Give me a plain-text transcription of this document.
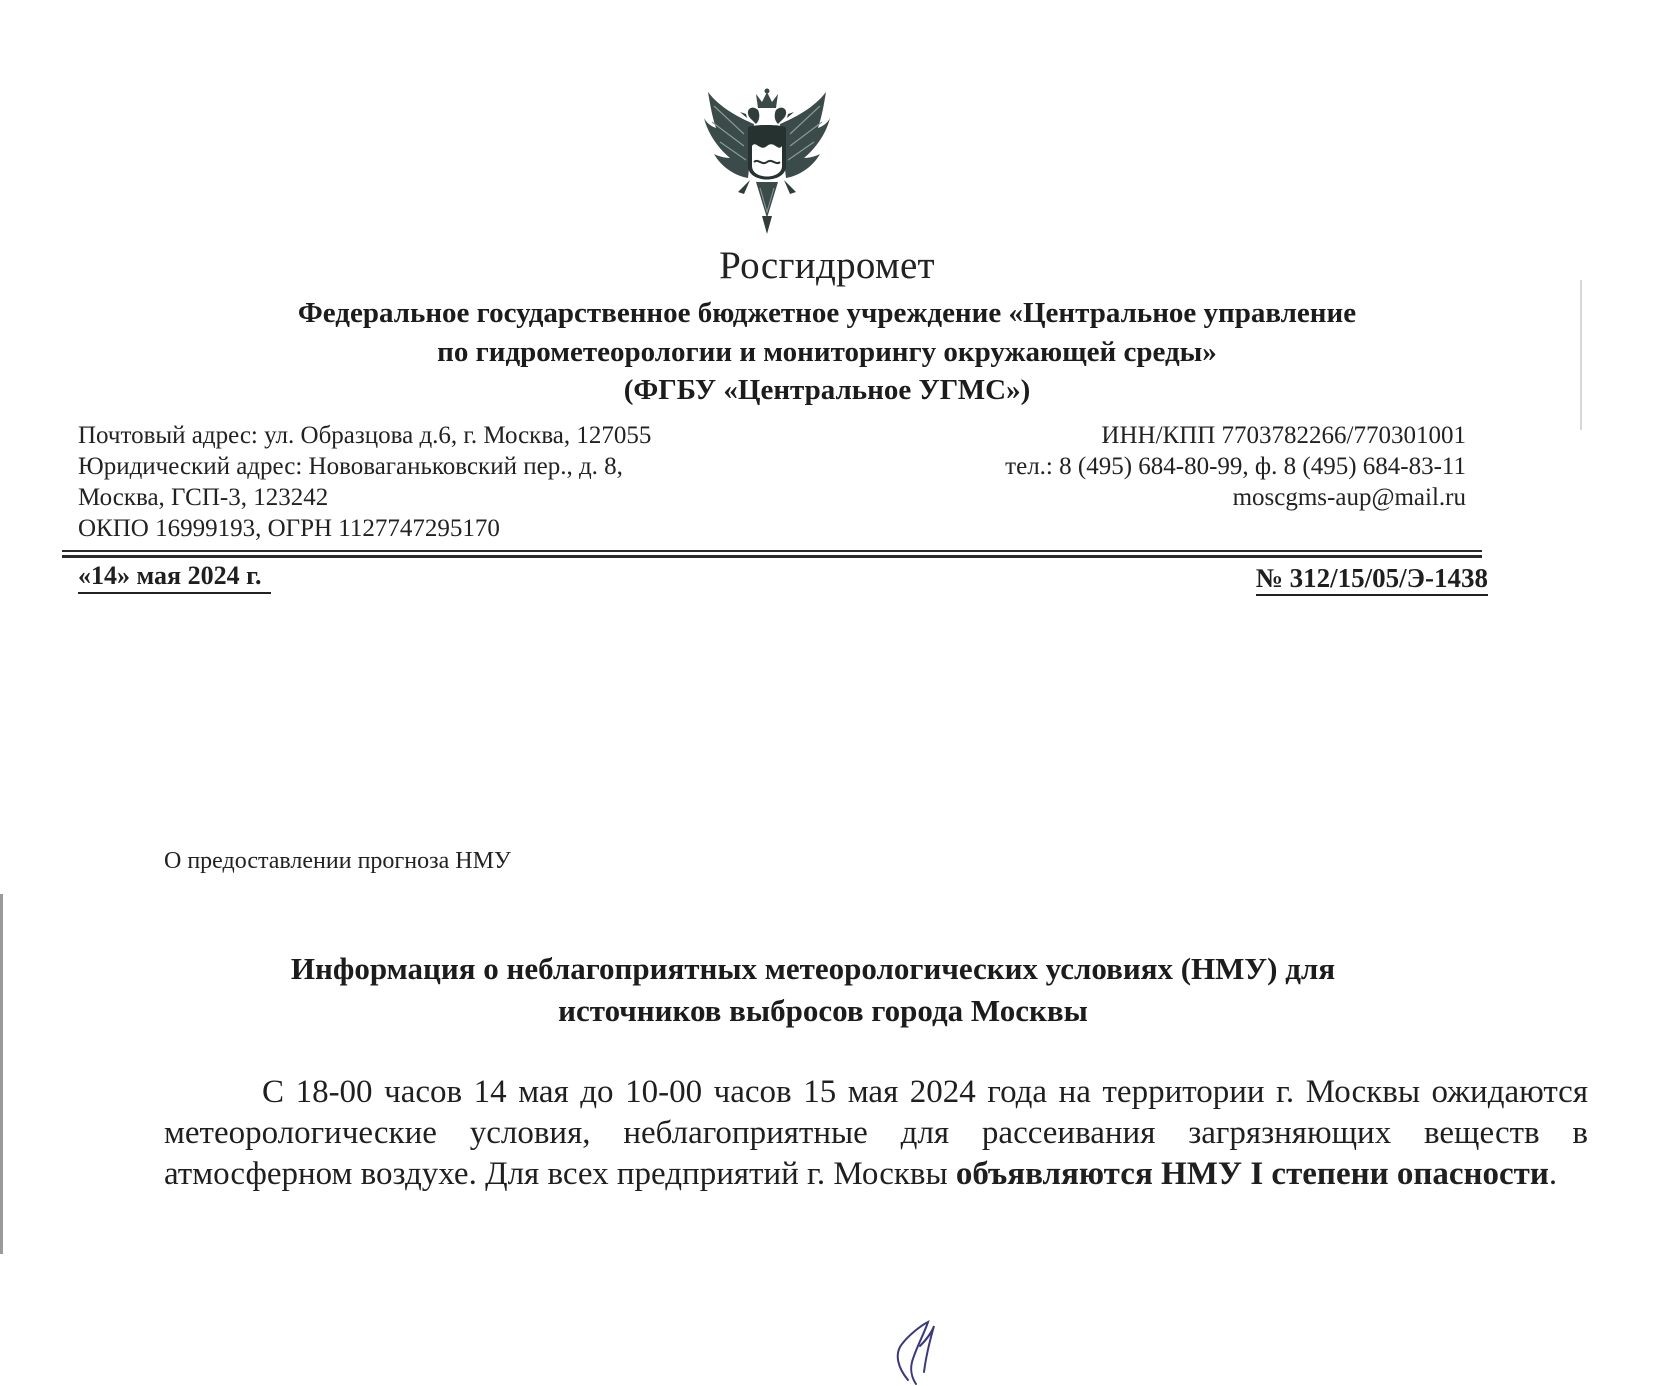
Росгидромет
Федеральное государственное бюджетное учреждение «Центральное управление
по гидрометеорологии и мониторингу окружающей среды»
(ФГБУ «Центральное УГМС»)
Почтовый адрес: ул. Образцова д.6, г. Москва, 127055
Юридический адрес: Нововаганьковский пер., д. 8,
Москва, ГСП-3, 123242
ОКПО 16999193, ОГРН 1127747295170
ИНН/КПП 7703782266/770301001
тел.: 8 (495) 684-80-99, ф. 8 (495) 684-83-11
moscgms-aup@mail.ru
«14» мая 2024 г.	№ 312/15/05/Э-1438
О предоставлении прогноза НМУ
Информация о неблагоприятных метеорологических условиях (НМУ) для
источников выбросов города Москвы
С 18-00 часов 14 мая до 10-00 часов 15 мая 2024 года на территории г. Москвы ожидаются метеорологические условия, неблагоприятные для рассеивания загрязняющих веществ в атмосферном воздухе. Для всех предприятий г. Москвы объявляются НМУ I степени опасности.
